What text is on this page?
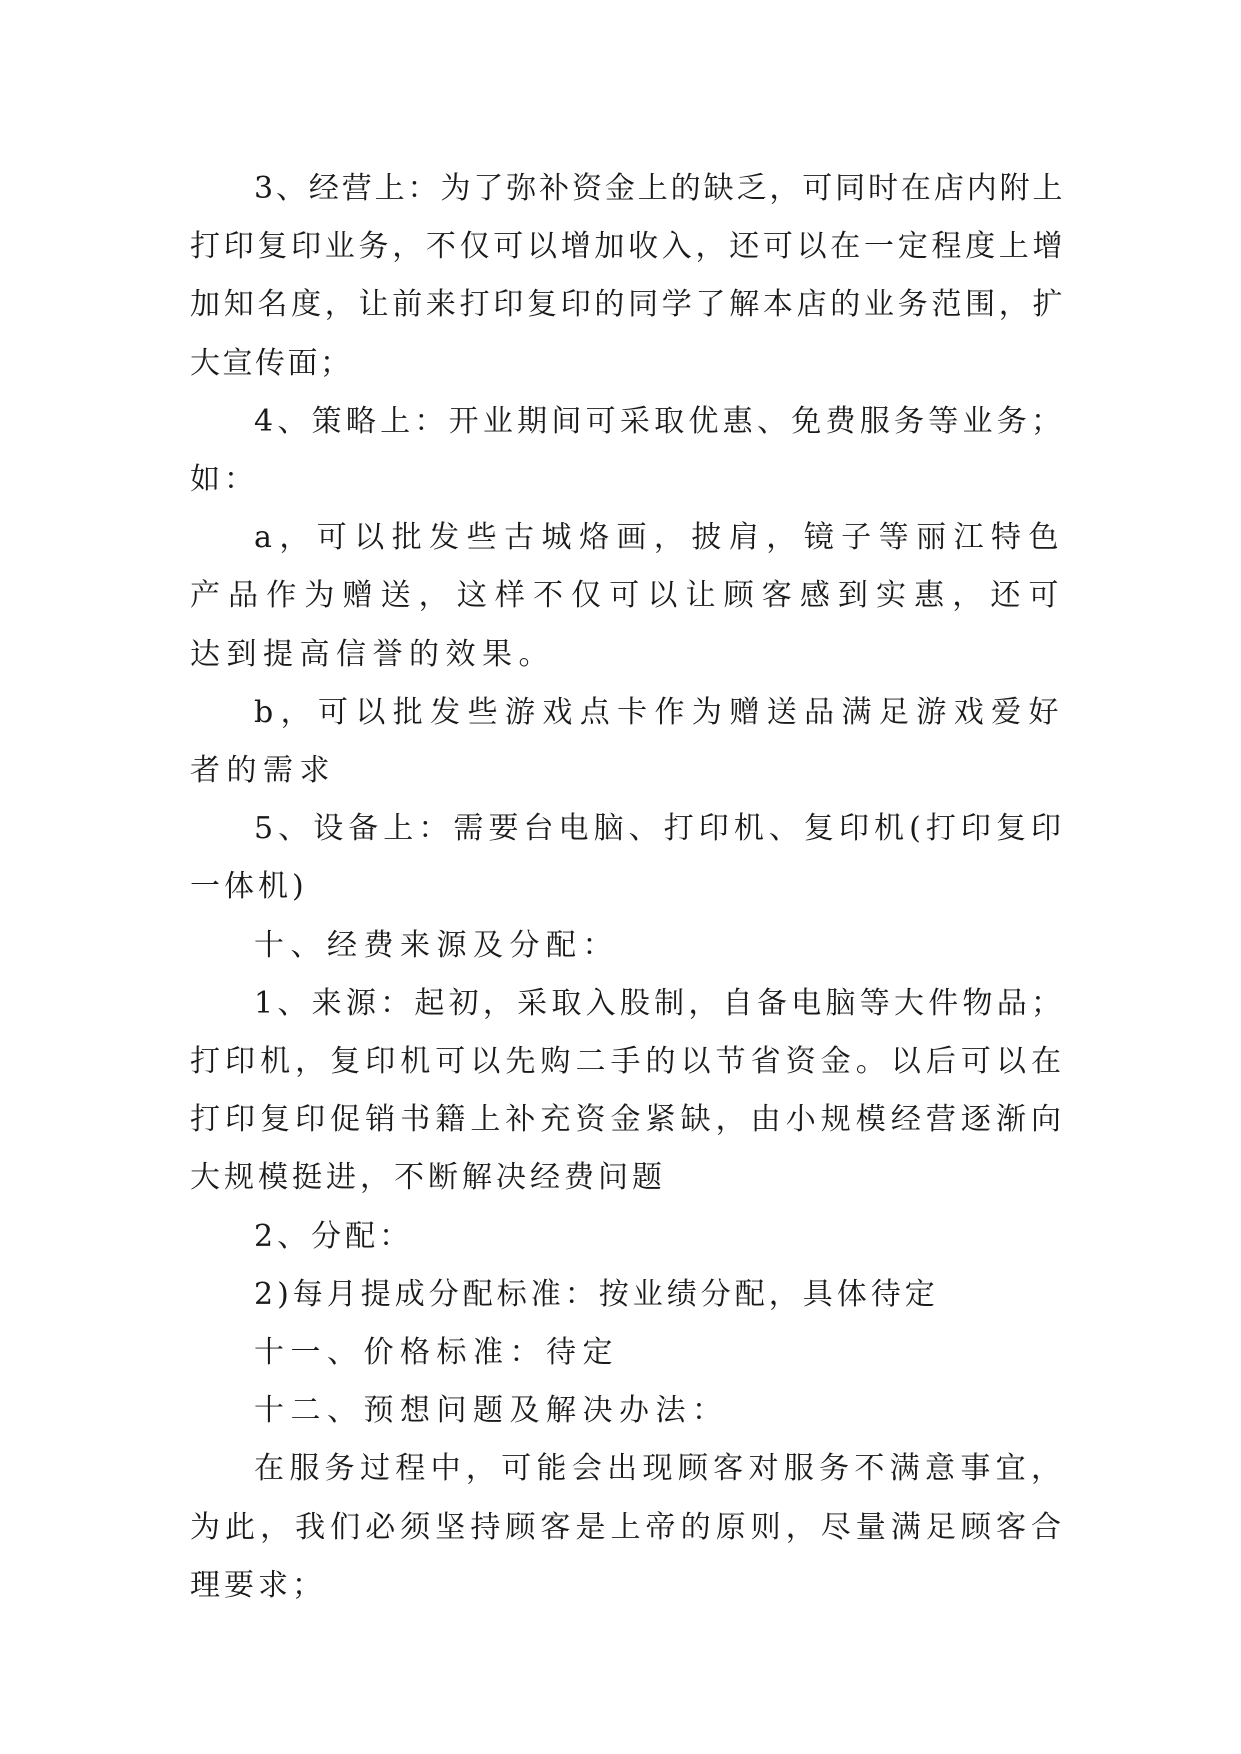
3、经营上：为了弥补资金上的缺乏，可同时在店内附上打印复印业务，不仅可以增加收入，还可以在一定程度上增加知名度，让前来打印复印的同学了解本店的业务范围，扩大宣传面；

4、策略上：开业期间可采取优惠、免费服务等业务；如：

a，可以批发些古城烙画，披肩，镜子等丽江特色产品作为赠送，这样不仅可以让顾客感到实惠，还可达到提高信誉的效果。

b，可以批发些游戏点卡作为赠送品满足游戏爱好者的需求

5、设备上：需要台电脑、打印机、复印机(打印复印一体机)

十、经费来源及分配：

1、来源：起初，采取入股制，自备电脑等大件物品；打印机，复印机可以先购二手的以节省资金。以后可以在打印复印促销书籍上补充资金紧缺，由小规模经营逐渐向大规模挺进，不断解决经费问题

2、分配：

2)每月提成分配标准：按业绩分配，具体待定

十一、价格标准：待定

十二、预想问题及解决办法：

在服务过程中，可能会出现顾客对服务不满意事宜，为此，我们必须坚持顾客是上帝的原则，尽量满足顾客合理要求；
